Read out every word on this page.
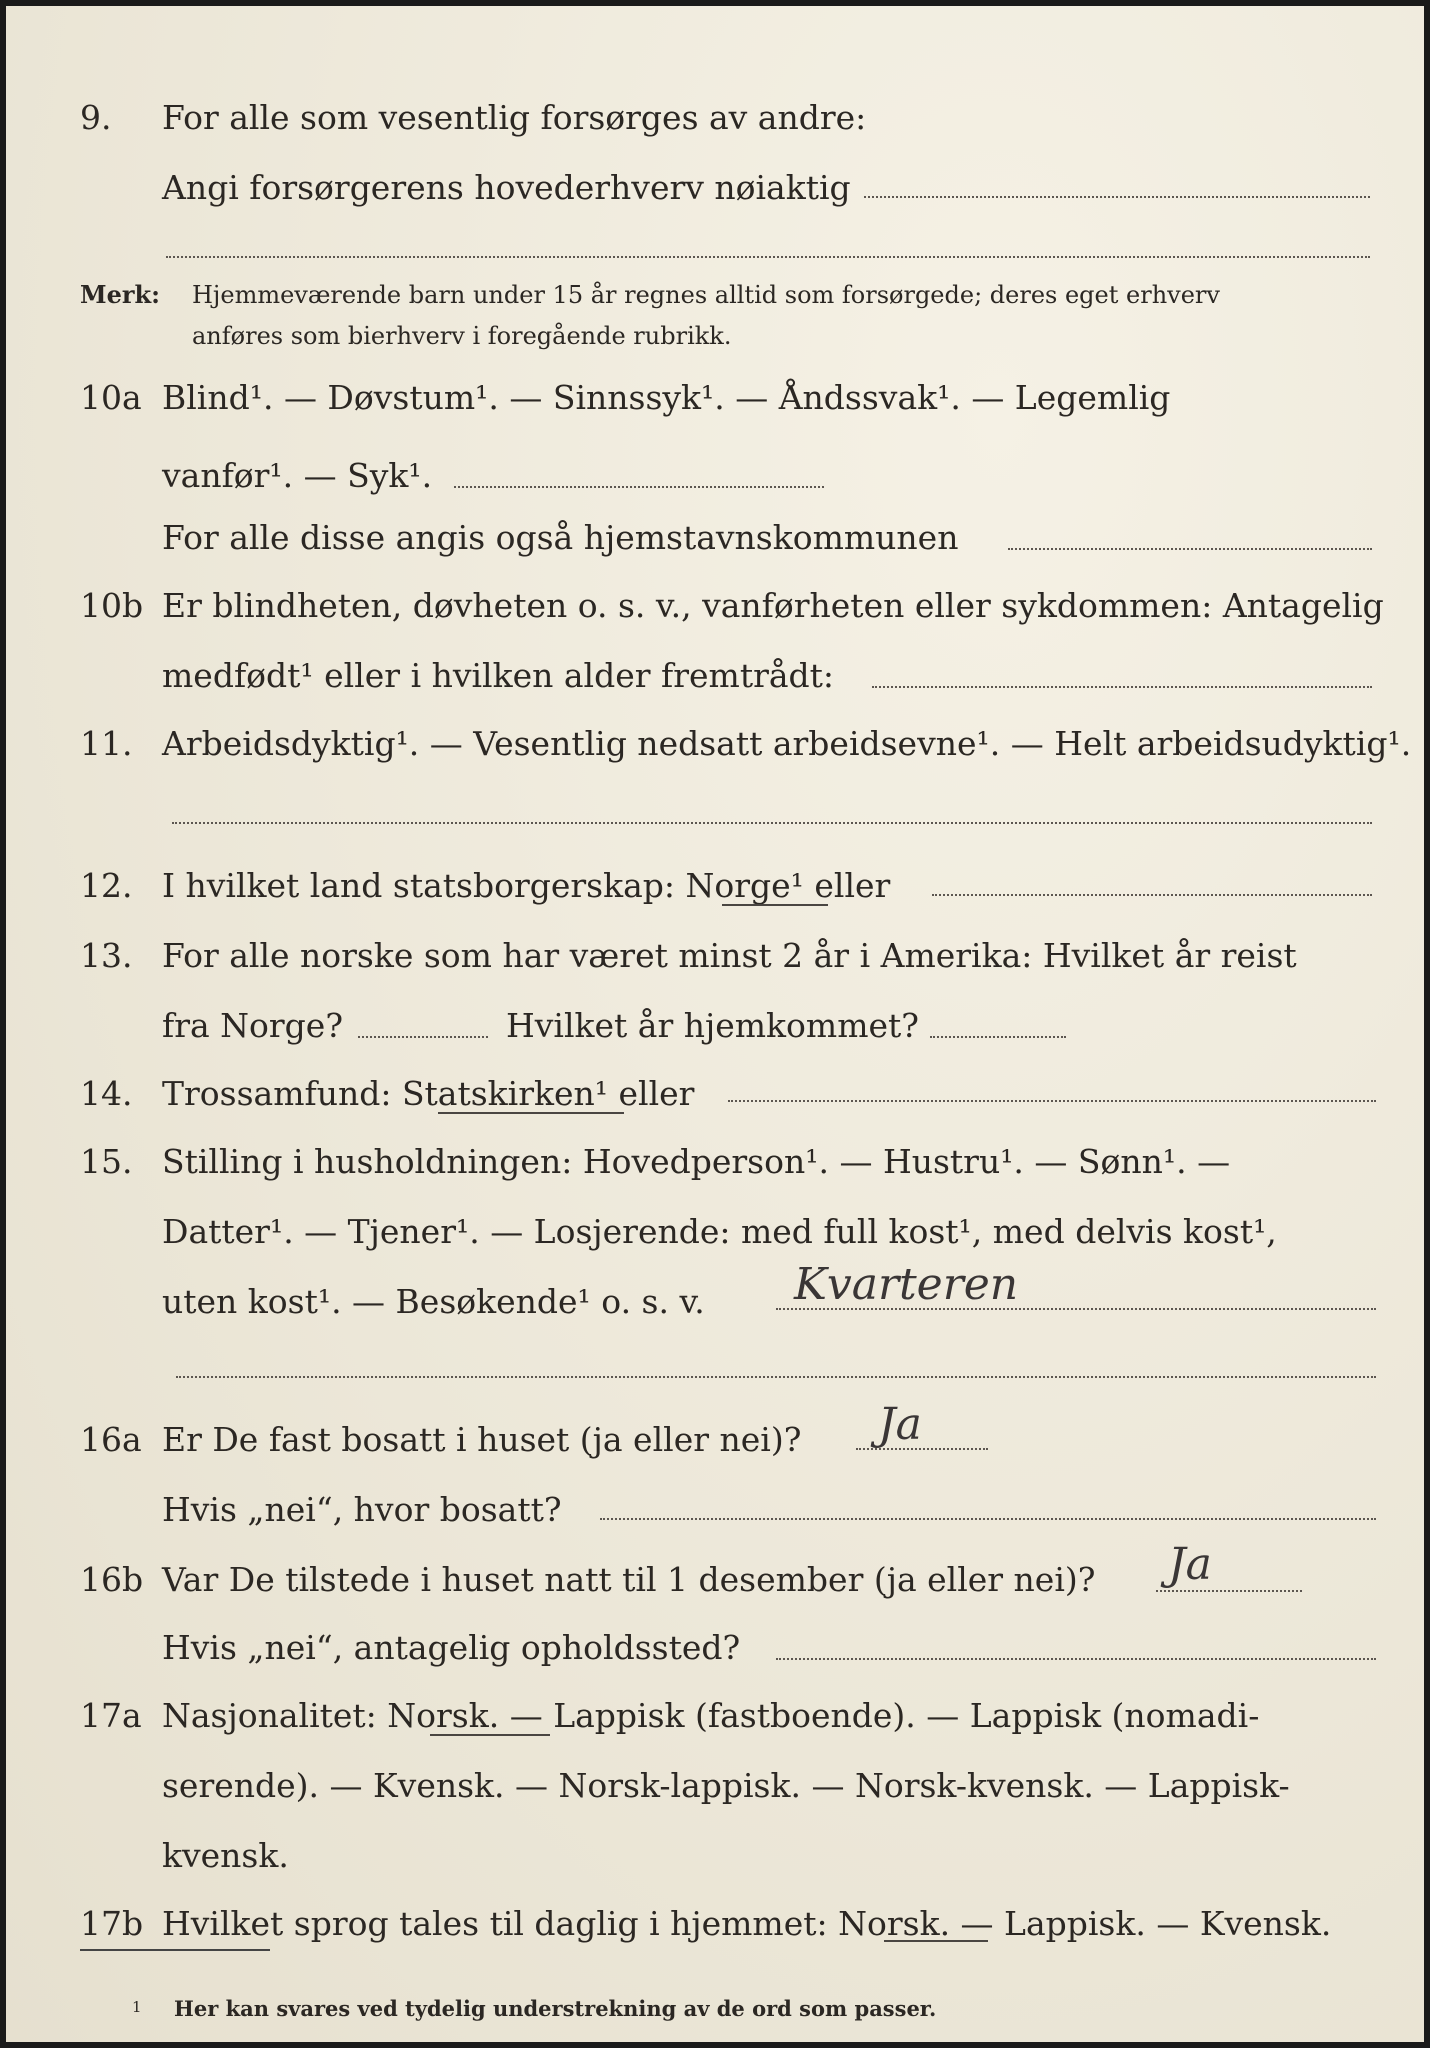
9. For alle som vesentlig forsørges av andre:
Angi forsørgerens hovederhverv nøiaktig
Merk: Hjemmeværende barn under 15 år regnes alltid som forsørgede; deres eget erhverv
anføres som bierhverv i foregående rubrikk.
10a Blind¹. — Døvstum¹. — Sinnssyk¹. — Åndssvak¹. — Legemlig
vanfør¹. — Syk¹.
For alle disse angis også hjemstavnskommunen
10b Er blindheten, døvheten o. s. v., vanførheten eller sykdommen: Antagelig
medfødt¹ eller i hvilken alder fremtrådt:
11. Arbeidsdyktig¹. — Vesentlig nedsatt arbeidsevne¹. — Helt arbeidsudyktig¹.
12. I hvilket land statsborgerskap: Norge¹ eller
13. For alle norske som har været minst 2 år i Amerika: Hvilket år reist
fra Norge?	Hvilket år hjemkommet?
14. Trossamfund: Statskirken¹ eller
15. Stilling i husholdningen: Hovedperson¹. — Hustru¹. — Sønn¹. —
Datter¹. — Tjener¹. — Losjerende: med full kost¹, med delvis kost¹,
uten kost¹. — Besøkende¹ o. s. v. Kvarteren
16a Er De fast bosatt i huset (ja eller nei)? Ja
Hvis „nei“, hvor bosatt?
16b Var De tilstede i huset natt til 1 desember (ja eller nei)? Ja
Hvis „nei“, antagelig opholdssted?
17a Nasjonalitet: Norsk. — Lappisk (fastboende). — Lappisk (nomadi-
serende). — Kvensk. — Norsk-lappisk. — Norsk-kvensk. — Lappisk-
kvensk.
17b Hvilket sprog tales til daglig i hjemmet: Norsk. — Lappisk. — Kvensk.
1 Her kan svares ved tydelig understrekning av de ord som passer.
